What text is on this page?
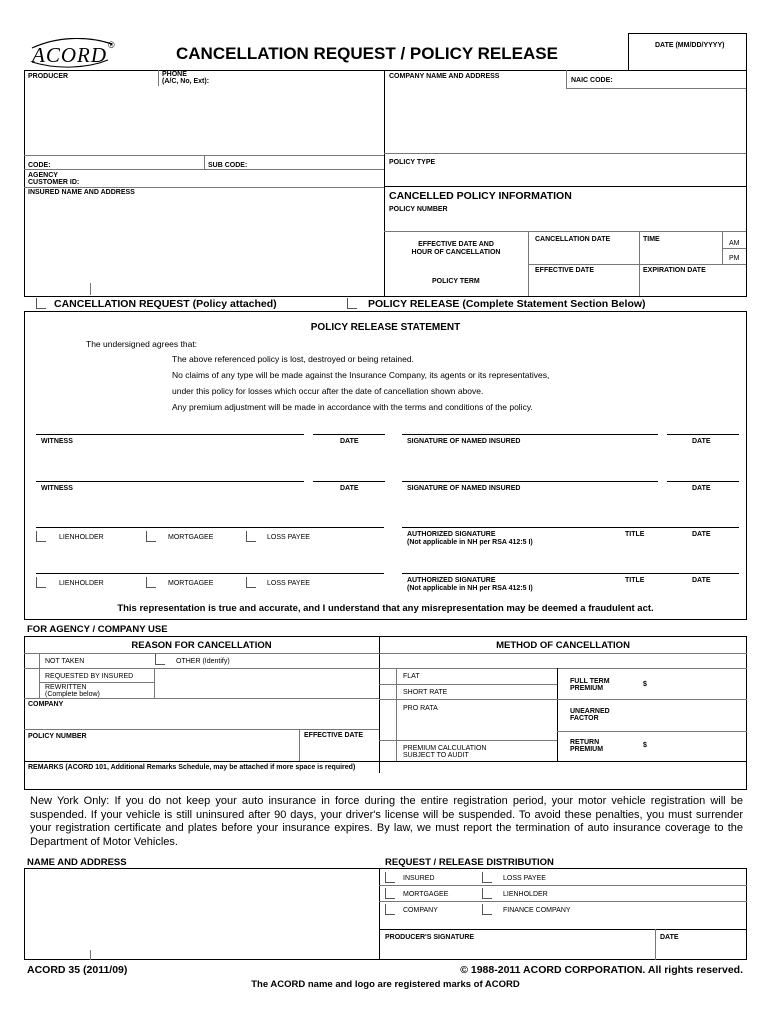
ACORD ®	CANCELLATION REQUEST / POLICY RELEASE	DATE (MM/DD/YYYY)
PRODUCER	PHONE
(A/C, No, Ext):
CODE:	SUB CODE:
AGENCY
CUSTOMER ID:
INSURED NAME AND ADDRESS
COMPANY NAME AND ADDRESS
NAIC CODE:
POLICY TYPE
CANCELLED POLICY INFORMATION
POLICY NUMBER
EFFECTIVE DATE AND
HOUR OF CANCELLATION
CANCELLATION DATE	TIME
AM
PM
POLICY TERM
EFFECTIVE DATE	EXPIRATION DATE
CANCELLATION REQUEST (Policy attached)	POLICY RELEASE (Complete Statement Section Below)
POLICY RELEASE STATEMENT
The undersigned agrees that:
The above referenced policy is lost, destroyed or being retained.
No claims of any type will be made against the Insurance Company, its agents or its representatives,
under this policy for losses which occur after the date of cancellation shown above.
Any premium adjustment will be made in accordance with the terms and conditions of the policy.
WITNESS	DATE	SIGNATURE OF NAMED INSURED	DATE
WITNESS	DATE	SIGNATURE OF NAMED INSURED	DATE
LIENHOLDER	MORTGAGEE	LOSS PAYEE	AUTHORIZED SIGNATURE
(Not applicable in NH per RSA 412:5 I)
TITLE	DATE
LIENHOLDER	MORTGAGEE	LOSS PAYEE	AUTHORIZED SIGNATURE
(Not applicable in NH per RSA 412:5 I)
TITLE	DATE
This representation is true and accurate, and I understand that any misrepresentation may be deemed a fraudulent act.
FOR AGENCY / COMPANY USE
REASON FOR CANCELLATION	METHOD OF CANCELLATION
NOT TAKEN	OTHER (Identify)
REQUESTED BY INSURED
REWRITTEN
(Complete below)
COMPANY
POLICY NUMBER	EFFECTIVE DATE
FLAT
SHORT RATE
PRO RATA
PREMIUM CALCULATION
SUBJECT TO AUDIT
FULL TERM
PREMIUM
$
UNEARNED
FACTOR
RETURN
PREMIUM
$
REMARKS (ACORD 101, Additional Remarks Schedule, may be attached if more space is required)
New York Only: If you do not keep your auto insurance in force during the entire registration period, your motor vehicle registration will be suspended. If your vehicle is still uninsured after 90 days, your driver's license will be suspended. To avoid these penalties, you must surrender your registration certificate and plates before your insurance expires. By law, we must report the termination of auto insurance coverage to the Department of Motor Vehicles.
NAME AND ADDRESS	REQUEST / RELEASE DISTRIBUTION
INSURED	LOSS PAYEE
MORTGAGEE	LIENHOLDER
COMPANY	FINANCE COMPANY
PRODUCER'S SIGNATURE	DATE
ACORD 35 (2011/09)	© 1988-2011 ACORD CORPORATION. All rights reserved.
The ACORD name and logo are registered marks of ACORD
